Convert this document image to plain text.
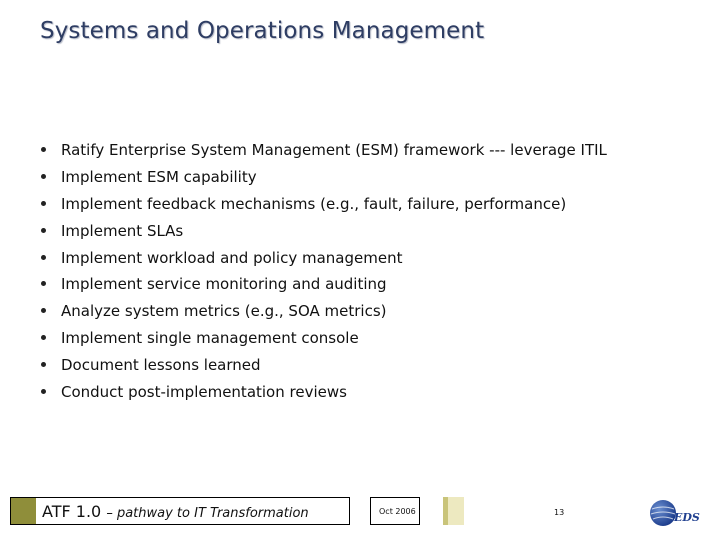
Systems and Operations Management
Ratify Enterprise System Management (ESM) framework --- leverage ITIL
Implement ESM capability
Implement feedback mechanisms (e.g., fault, failure, performance)
Implement SLAs
Implement workload and policy management
Implement service monitoring and auditing
Analyze system metrics (e.g., SOA metrics)
Implement single management console
Document lessons learned
Conduct post-implementation reviews
ATF 1.0 – pathway to IT Transformation	Oct 2006	13	EDS
